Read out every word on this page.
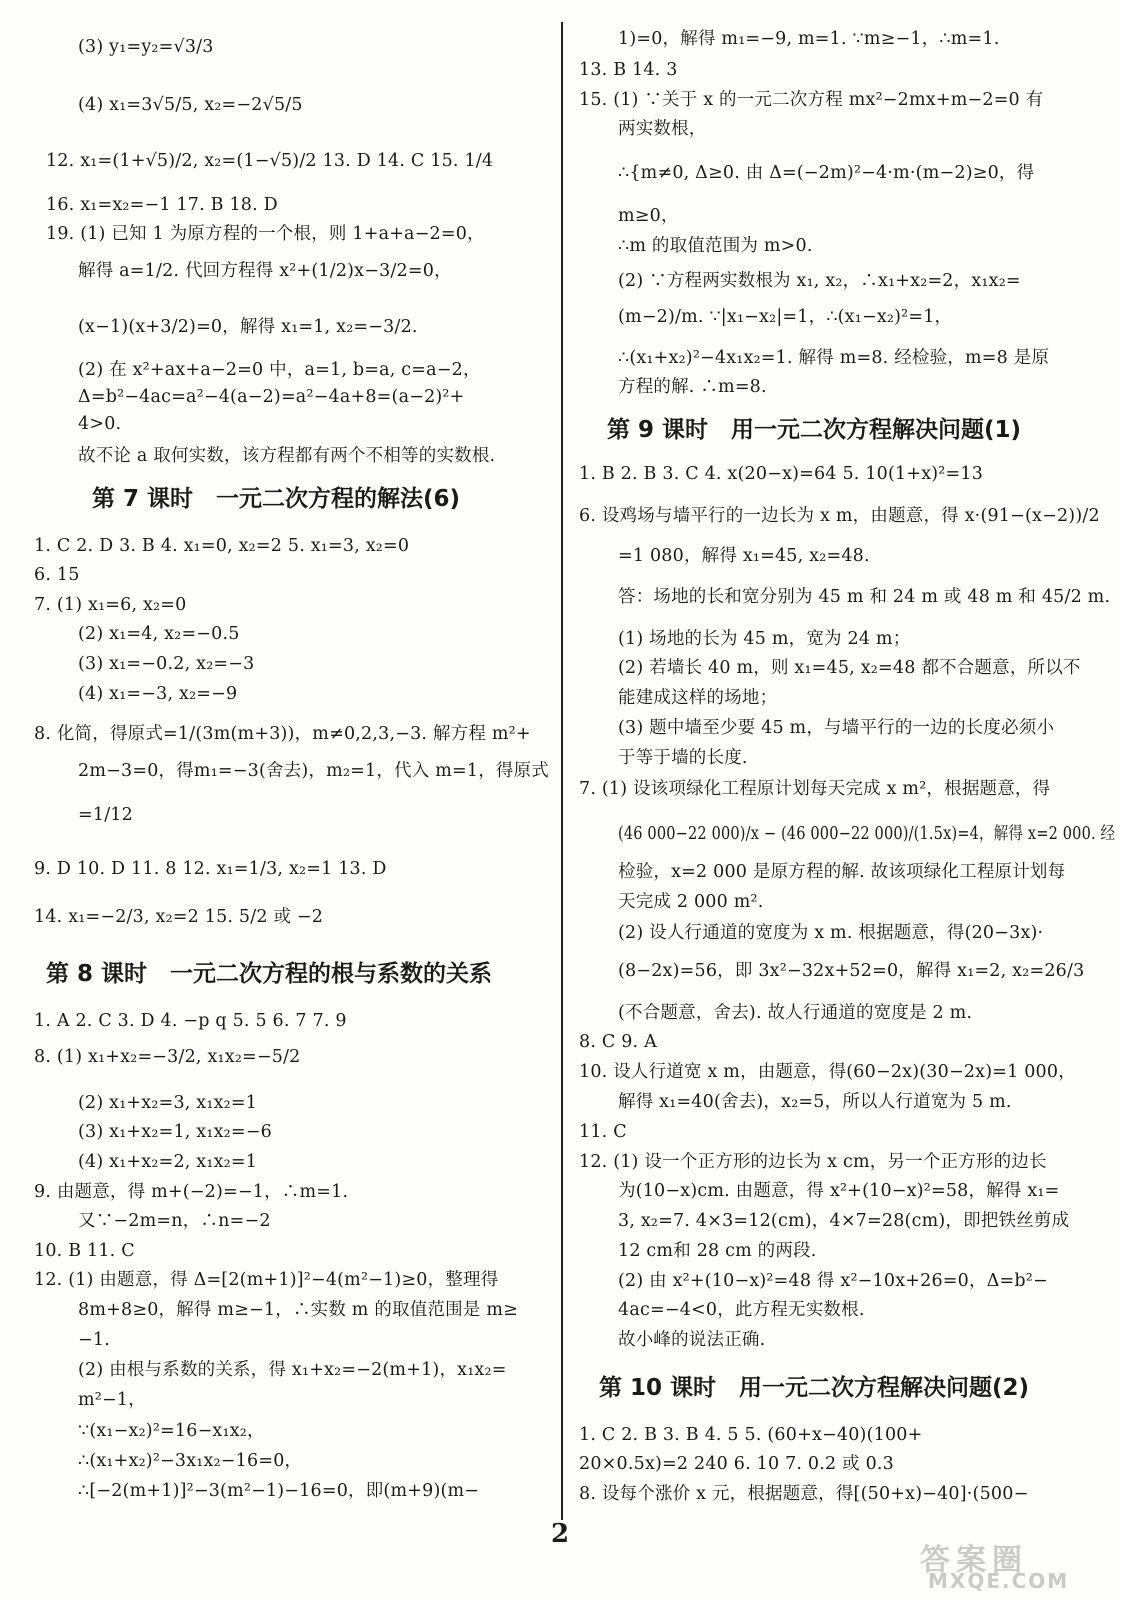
第 7 课时　一元二次方程的解法(6)
第 8 课时　一元二次方程的根与系数的关系
(3) y₁=y₂=√3/3
(4) x₁=3√5/5, x₂=−2√5/5
12. x₁=(1+√5)/2, x₂=(1−√5)/2 13. D 14. C 15. 1/4
16. x₁=x₂=−1 17. B 18. D
19. (1) 已知 1 为原方程的一个根，则 1+a+a−2=0，
解得 a=1/2. 代回方程得 x²+(1/2)x−3/2=0，
(x−1)(x+3/2)=0，解得 x₁=1, x₂=−3/2.
(2) 在 x²+ax+a−2=0 中，a=1, b=a, c=a−2，
Δ=b²−4ac=a²−4(a−2)=a²−4a+8=(a−2)²+
4>0.
故不论 a 取何实数，该方程都有两个不相等的实数根.
1. C 2. D 3. B 4. x₁=0, x₂=2 5. x₁=3, x₂=0
6. 15
7. (1) x₁=6, x₂=0
(2) x₁=4, x₂=−0.5
(3) x₁=−0.2, x₂=−3
(4) x₁=−3, x₂=−9
8. 化简，得原式=1/(3m(m+3))，m≠0,2,3,−3. 解方程 m²+
2m−3=0，得m₁=−3(舍去)，m₂=1，代入 m=1，得原式
=1/12
9. D 10. D 11. 8 12. x₁=1/3, x₂=1 13. D
14. x₁=−2/3, x₂=2 15. 5/2 或 −2
1. A 2. C 3. D 4. −p q 5. 5 6. 7 7. 9
8. (1) x₁+x₂=−3/2, x₁x₂=−5/2
(2) x₁+x₂=3, x₁x₂=1
(3) x₁+x₂=1, x₁x₂=−6
(4) x₁+x₂=2, x₁x₂=1
9. 由题意，得 m+(−2)=−1，∴m=1.
又∵−2m=n，∴n=−2
10. B 11. C
12. (1) 由题意，得 Δ=[2(m+1)]²−4(m²−1)≥0，整理得
8m+8≥0，解得 m≥−1，∴实数 m 的取值范围是 m≥
−1.
(2) 由根与系数的关系，得 x₁+x₂=−2(m+1)，x₁x₂=
m²−1，
∵(x₁−x₂)²=16−x₁x₂，
∴(x₁+x₂)²−3x₁x₂−16=0，
∴[−2(m+1)]²−3(m²−1)−16=0，即(m+9)(m−
第 9 课时　用一元二次方程解决问题(1)
第 10 课时　用一元二次方程解决问题(2)
1)=0，解得 m₁=−9, m=1. ∵m≥−1，∴m=1.
13. B 14. 3
15. (1) ∵关于 x 的一元二次方程 mx²−2mx+m−2=0 有
两实数根，
∴{m≠0, Δ≥0. 由 Δ=(−2m)²−4·m·(m−2)≥0，得
m≥0，
∴m 的取值范围为 m>0.
(2) ∵方程两实数根为 x₁, x₂，∴x₁+x₂=2，x₁x₂=
(m−2)/m. ∵|x₁−x₂|=1，∴(x₁−x₂)²=1，
∴(x₁+x₂)²−4x₁x₂=1. 解得 m=8. 经检验，m=8 是原
方程的解. ∴m=8.
1. B 2. B 3. C 4. x(20−x)=64 5. 10(1+x)²=13
6. 设鸡场与墙平行的一边长为 x m，由题意，得 x·(91−(x−2))/2
=1 080，解得 x₁=45, x₂=48.
答：场地的长和宽分别为 45 m 和 24 m 或 48 m 和 45/2 m.
(1) 场地的长为 45 m，宽为 24 m；
(2) 若墙长 40 m，则 x₁=45, x₂=48 都不合题意，所以不
能建成这样的场地；
(3) 题中墙至少要 45 m，与墙平行的一边的长度必须小
于等于墙的长度.
7. (1) 设该项绿化工程原计划每天完成 x m²，根据题意，得
(46 000−22 000)/x − (46 000−22 000)/(1.5x)=4，解得 x=2 000. 经
检验，x=2 000 是原方程的解. 故该项绿化工程原计划每
天完成 2 000 m².
(2) 设人行通道的宽度为 x m. 根据题意，得(20−3x)·
(8−2x)=56，即 3x²−32x+52=0，解得 x₁=2, x₂=26/3
(不合题意，舍去). 故人行通道的宽度是 2 m.
8. C 9. A
10. 设人行道宽 x m，由题意，得(60−2x)(30−2x)=1 000，
解得 x₁=40(舍去)，x₂=5，所以人行道宽为 5 m.
11. C
12. (1) 设一个正方形的边长为 x cm，另一个正方形的边长
为(10−x)cm. 由题意，得 x²+(10−x)²=58，解得 x₁=
3, x₂=7. 4×3=12(cm)，4×7=28(cm)，即把铁丝剪成
12 cm和 28 cm 的两段.
(2) 由 x²+(10−x)²=48 得 x²−10x+26=0，Δ=b²−
4ac=−4<0，此方程无实数根.
故小峰的说法正确.
1. C 2. B 3. B 4. 5 5. (60+x−40)(100+
20×0.5x)=2 240 6. 10 7. 0.2 或 0.3
8. 设每个涨价 x 元，根据题意，得[(50+x)−40]·(500−
2
答案圈
MXQE.COM
